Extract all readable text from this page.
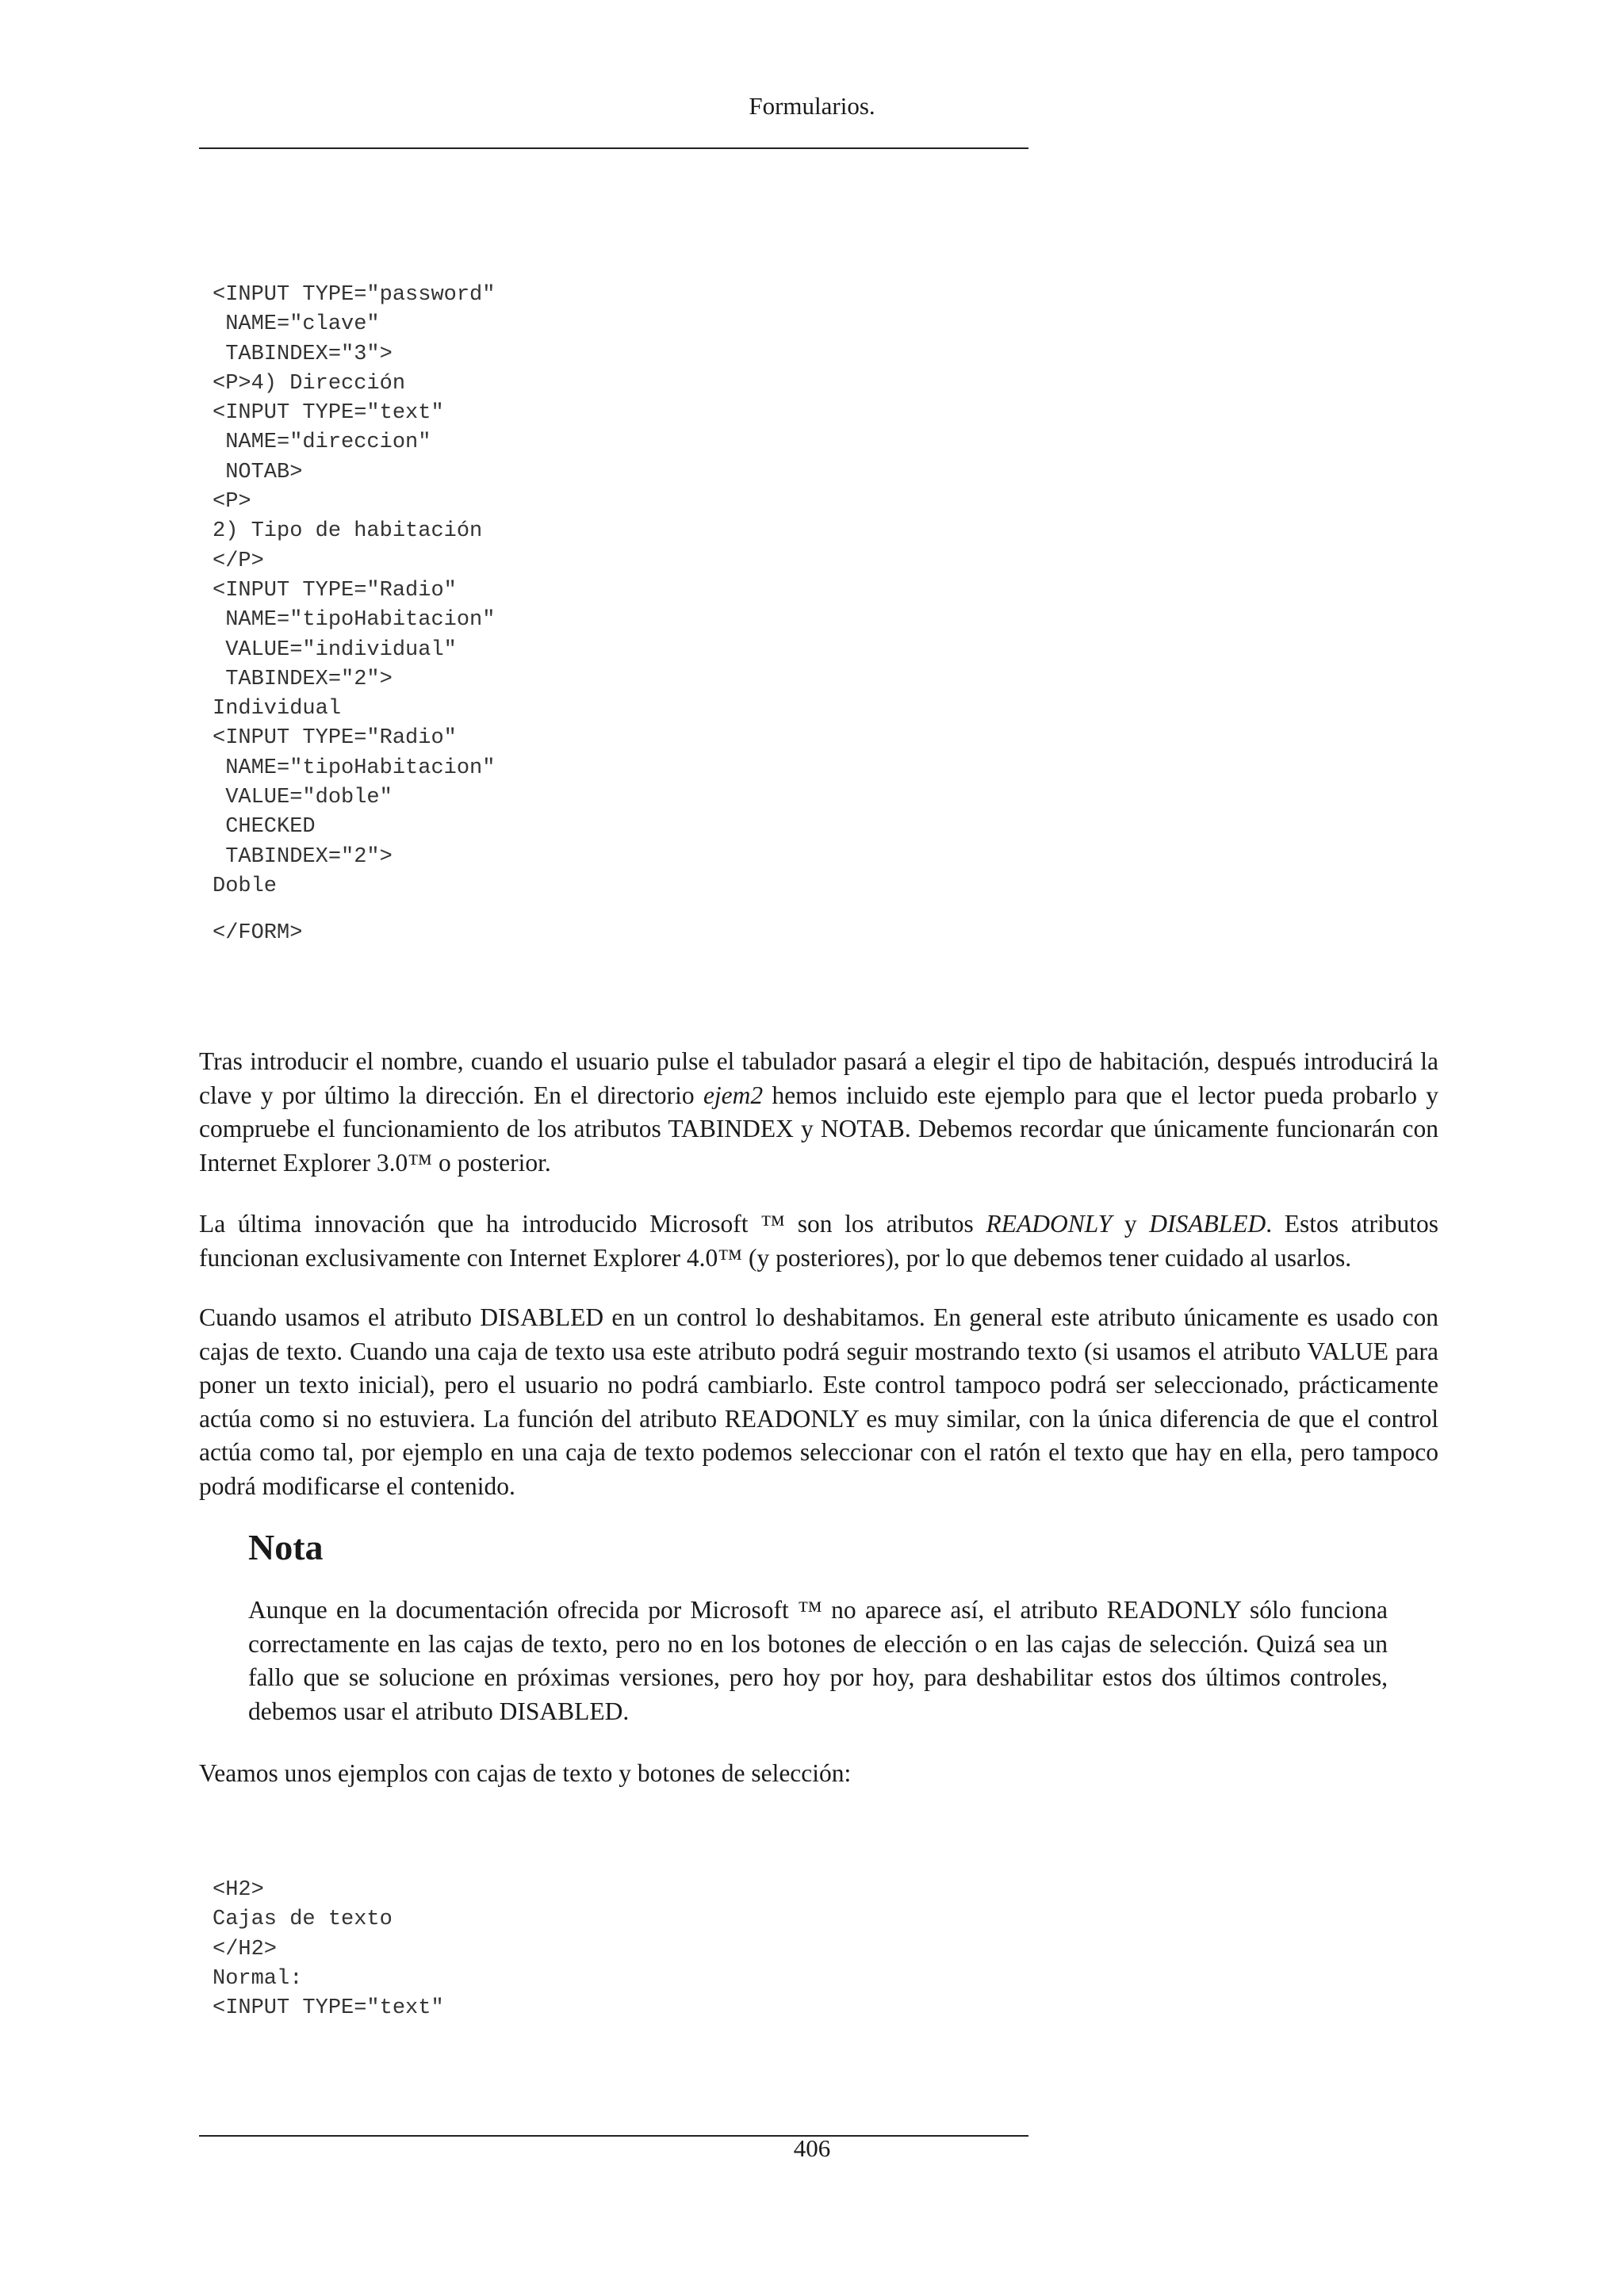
Formularios.
<INPUT TYPE="password"
NAME="clave"
TABINDEX="3">
<P>4) Dirección
<INPUT TYPE="text"
NAME="direccion"
NOTAB>
<P>
2) Tipo de habitación
</P>
<INPUT TYPE="Radio"
NAME="tipoHabitacion"
VALUE="individual"
TABINDEX="2">
Individual
<INPUT TYPE="Radio"
NAME="tipoHabitacion"
VALUE="doble"
CHECKED
TABINDEX="2">
Doble
</FORM>

Tras introducir el nombre, cuando el usuario pulse el tabulador pasará a elegir el tipo de habitación, después introducirá la clave y por último la dirección. En el directorio ejem2 hemos incluido este ejemplo para que el lector pueda probarlo y compruebe el funcionamiento de los atributos TABINDEX y NOTAB. Debemos recordar que únicamente funcionarán con Internet Explorer 3.0™ o posterior.

La última innovación que ha introducido Microsoft ™ son los atributos READONLY y DISABLED. Estos atributos funcionan exclusivamente con Internet Explorer 4.0™ (y posteriores), por lo que debemos tener cuidado al usarlos.

Cuando usamos el atributo DISABLED en un control lo deshabitamos. En general este atributo únicamente es usado con cajas de texto. Cuando una caja de texto usa este atributo podrá seguir mostrando texto (si usamos el atributo VALUE para poner un texto inicial), pero el usuario no podrá cambiarlo. Este control tampoco podrá ser seleccionado, prácticamente actúa como si no estuviera. La función del atributo READONLY es muy similar, con la única diferencia de que el control actúa como tal, por ejemplo en una caja de texto podemos seleccionar con el ratón el texto que hay en ella, pero tampoco podrá modificarse el contenido.

Nota

Aunque en la documentación ofrecida por Microsoft ™ no aparece así, el atributo READONLY sólo funciona correctamente en las cajas de texto, pero no en los botones de elección o en las cajas de selección. Quizá sea un fallo que se solucione en próximas versiones, pero hoy por hoy, para deshabilitar estos dos últimos controles, debemos usar el atributo DISABLED.

Veamos unos ejemplos con cajas de texto y botones de selección:

<H2>
Cajas de texto
</H2>
Normal:
<INPUT TYPE="text"
406
